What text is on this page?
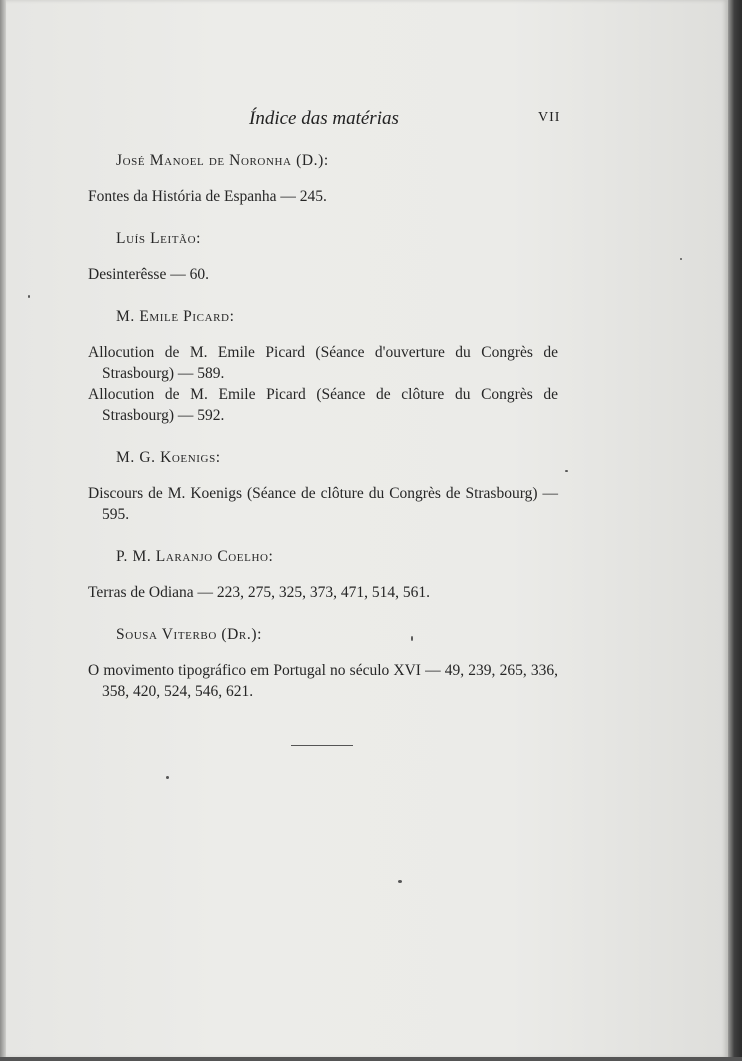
Índice das matérias	VII
José Manoel de Noronha (D.):

Fontes da História de Espanha — 245.

Luís Leitão:

Desinterêsse — 60.

M. Emile Picard:

Allocution de M. Emile Picard (Séance d'ouverture du Congrès de Strasbourg) — 589.

Allocution de M. Emile Picard (Séance de clôture du Congrès de Strasbourg) — 592.

M. G. Koenigs:

Discours de M. Koenigs (Séance de clôture du Congrès de Strasbourg) — 595.

P. M. Laranjo Coelho:

Terras de Odiana — 223, 275, 325, 373, 471, 514, 561.

Sousa Viterbo (Dr.):

O movimento tipográfico em Portugal no século XVI — 49, 239, 265, 336, 358, 420, 524, 546, 621.
